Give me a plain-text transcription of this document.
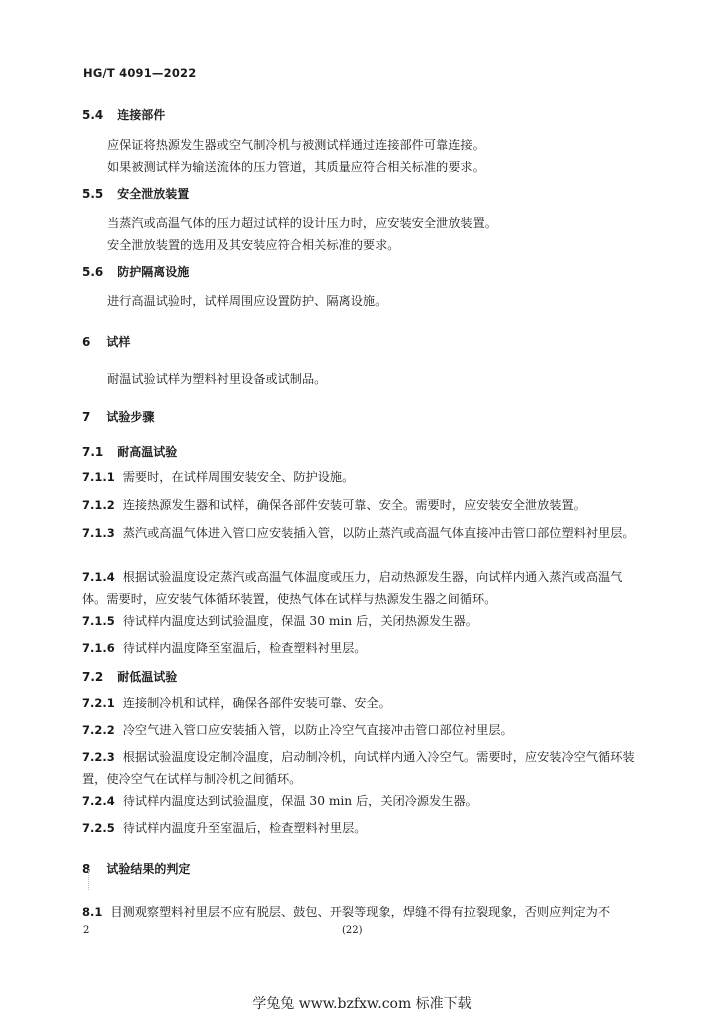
HG/T 4091—2022
5.4 连接部件
应保证将热源发生器或空气制冷机与被测试样通过连接部件可靠连接。
如果被测试样为输送流体的压力管道，其质量应符合相关标准的要求。
5.5 安全泄放装置
当蒸汽或高温气体的压力超过试样的设计压力时，应安装安全泄放装置。
安全泄放装置的选用及其安装应符合相关标准的要求。
5.6 防护隔离设施
进行高温试验时，试样周围应设置防护、隔离设施。
6 试样
耐温试验试样为塑料衬里设备或试制品。
7 试验步骤
7.1 耐高温试验
7.1.1 需要时，在试样周围安装安全、防护设施。
7.1.2 连接热源发生器和试样，确保各部件安装可靠、安全。需要时，应安装安全泄放装置。
7.1.3 蒸汽或高温气体进入管口应安装插入管，以防止蒸汽或高温气体直接冲击管口部位塑料衬里层。
7.1.4 根据试验温度设定蒸汽或高温气体温度或压力，启动热源发生器，向试样内通入蒸汽或高温气体。需要时，应安装气体循环装置，使热气体在试样与热源发生器之间循环。
7.1.5 待试样内温度达到试验温度，保温 30 min 后，关闭热源发生器。
7.1.6 待试样内温度降至室温后，检查塑料衬里层。
7.2 耐低温试验
7.2.1 连接制冷机和试样，确保各部件安装可靠、安全。
7.2.2 冷空气进入管口应安装插入管，以防止冷空气直接冲击管口部位衬里层。
7.2.3 根据试验温度设定制冷温度，启动制冷机，向试样内通入冷空气。需要时，应安装冷空气循环装置，使冷空气在试样与制冷机之间循环。
7.2.4 待试样内温度达到试验温度，保温 30 min 后，关闭冷源发生器。
7.2.5 待试样内温度升至室温后，检查塑料衬里层。
8 试验结果的判定
8.1 目测观察塑料衬里层不应有脱层、鼓包、开裂等现象，焊缝不得有拉裂现象，否则应判定为不
2	(22)
学兔兔 www.bzfxw.com 标准下载
